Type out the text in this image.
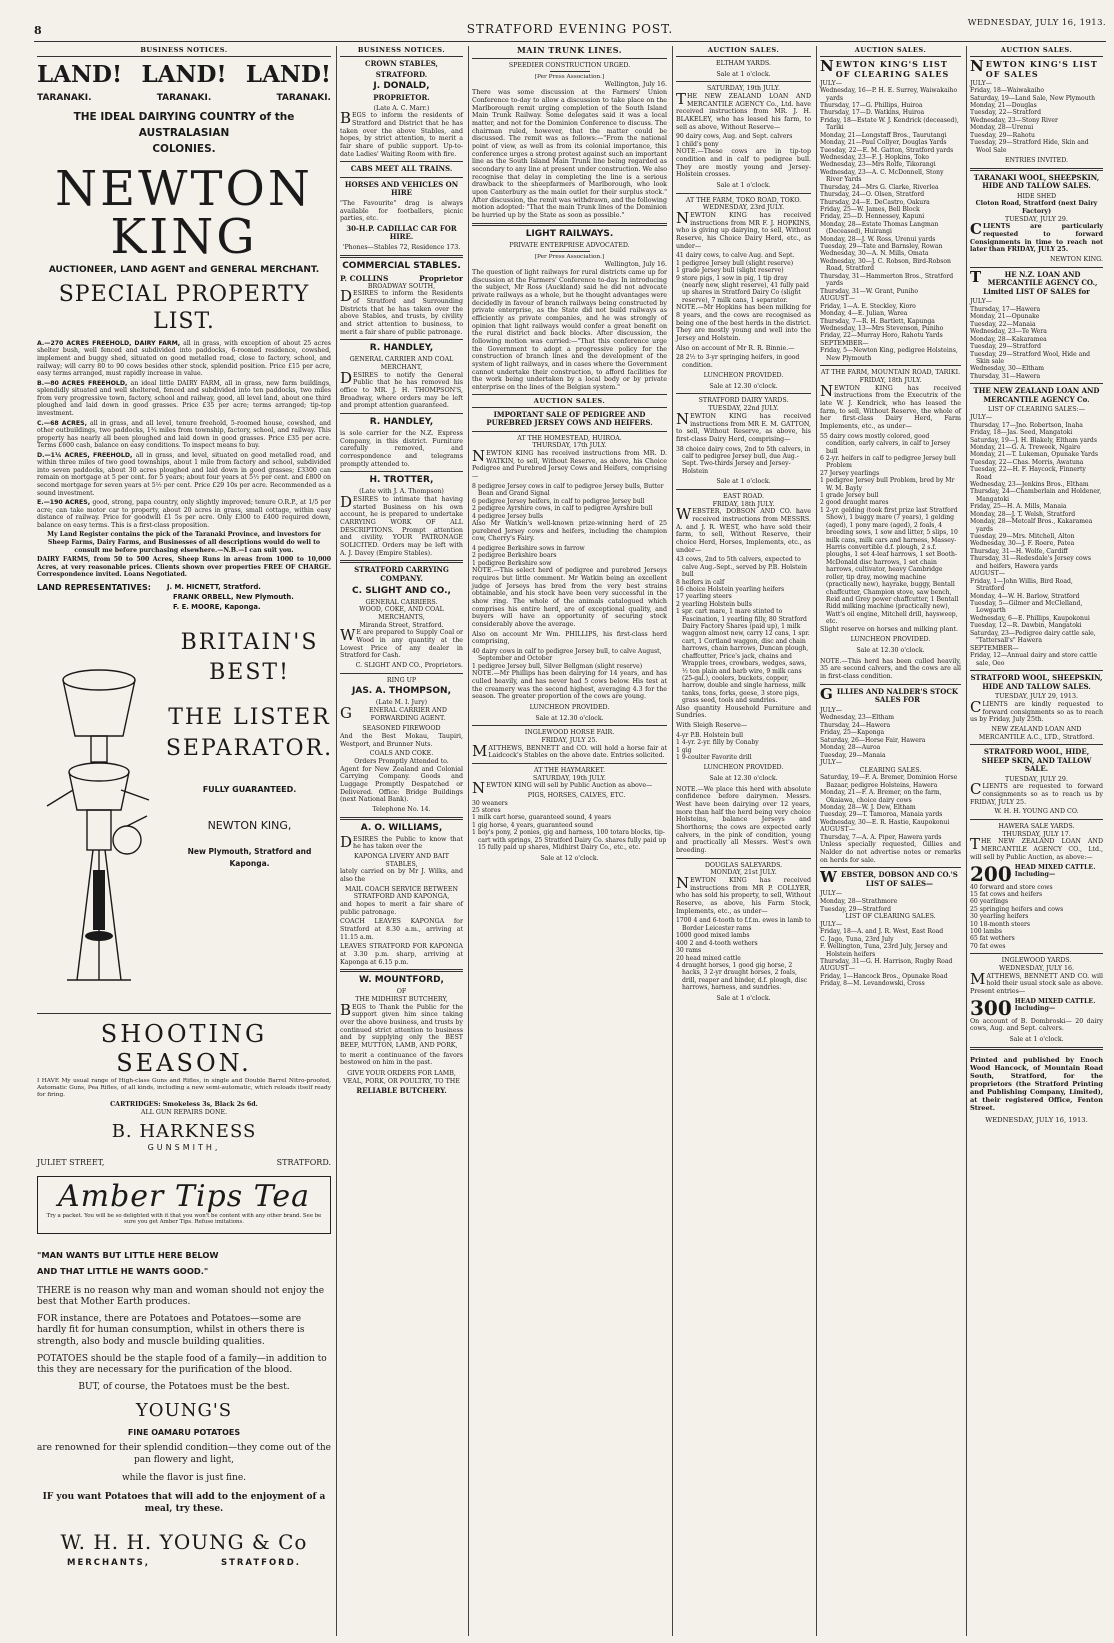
8	STRATFORD EVENING POST.	WEDNESDAY, JULY 16, 1913.
BUSINESS NOTICES.
LAND! LAND! LAND!
TARANAKI.	TARANAKI.	TARANAKI.
THE IDEAL DAIRYING COUNTRY of the AUSTRALASIAN
COLONIES.
NEWTON KING
AUCTIONEER, LAND AGENT and GENERAL MERCHANT.
SPECIAL PROPERTY LIST.
A.—270 ACRES FREEHOLD, DAIRY FARM, all in grass, with exception of about 25 acres shelter bush, well fenced and subdivided into paddocks, 6-roomed residence, cowshed, implement and buggy shed, situated on good metalled road, close to factory, school, and railway; will carry 80 to 90 cows besides other stock, splendid position. Price £15 per acre, easy terms arranged, must rapidly increase in value.
B.—80 ACRES FREEHOLD, an ideal little DAIRY FARM, all in grass, new farm buildings, splendidly situated and well sheltered, fenced and subdivided into ten paddocks, two miles from very progressive town, factory, school and railway, good, all level land, about one third ploughed and laid down in good grasses. Price £35 per acre; terms arranged; tip-top investment.
C.—68 ACRES, all in grass, and all level, tenure freehold, 5-roomed house, cowshed, and other outbuildings, two paddocks, 1¾ miles from township, factory, school, and railway. This property has nearly all been ploughed and laid down in good grasses. Price £35 per acre. Terms £600 cash, balance on easy conditions. To inspect means to buy.
D.—1¼ ACRES, FREEHOLD, all in grass, and level, situated on good metalled road, and within three miles of two good townships, about 1 mile from factory and school, subdivided into seven paddocks, about 30 acres ploughed and laid down in good grasses; £3300 can remain on mortgage at 5 per cent. for 5 years; about four years at 5½ per cent. and £800 on second mortgage for seven years at 5½ per cent. Price £29 10s per acre. Recommended as a sound investment.
E.—190 ACRES, good, strong, papa country, only slightly improved; tenure O.R.P., at 1/5 per acre; can take motor car to property, about 20 acres in grass, small cottage, within easy distance of railway. Price for goodwill £1 5s per acre. Only £300 to £400 required down, balance on easy terms. This is a first-class proposition.
My Land Register contains the pick of the Taranaki Province, and investors for Sheep Farms, Dairy Farms, and Businesses of all descriptions would do well to consult me before purchasing elsewhere.—N.B.—I can suit you.
DAIRY FARMS, from 50 to 500 Acres, Sheep Runs in areas from 1000 to 10,000 Acres, at very reasonable prices. Clients shown over properties FREE OF CHARGE. Correspondence invited. Loans Negotiated.
LAND REPRESENTATIVES:	J. M. HICNETT, Stratford.
FRANK ORBELL, New Plymouth.
F. E. MOORE, Kaponga.
BRITAIN'S
BEST!
THE LISTER
SEPARATOR.
FULLY GUARANTEED.
NEWTON KING,
New Plymouth, Stratford and
Kaponga.
SHOOTING SEASON.

I HAVE My usual range of High-class Guns and Rifles, in single and Double Barrel Nitro-proofed, Automatic Guns, Pea Rifles, of all kinds, including a new semi-automatic, which reloads itself ready for firing.

CARTRIDGES: Smokeless 3s, Black 2s 6d.
ALL GUN REPAIRS DONE.
B. HARKNESS
GUNSMITH,
JULIET STREET,	STRATFORD.
Amber Tips Tea
Try a packet. You will be so delighted with it that you won't be content with any other brand. See be sure you get Amber Tips. Refuse imitations.
"MAN WANTS BUT LITTLE HERE BELOW
AND THAT LITTLE HE WANTS GOOD."

THERE is no reason why man and woman should not enjoy the best that Mother Earth produces.

FOR instance, there are Potatoes and Potatoes—some are hardly fit for human consumption, whilst in others there is strength, also body and muscle building qualities.

POTATOES should be the staple food of a family—in addition to this they are necessary for the purification of the blood.

BUT, of course, the Potatoes must be the best.

YOUNG'S
FINE OAMARU POTATOES
are renowned for their splendid condition—they come out of the pan flowery and light,
while the flavor is just fine.
IF you want Potatoes that will add to the enjoyment of a meal, try these.
W. H. H. YOUNG & Co
MERCHANTS,	STRATFORD.
BUSINESS NOTICES.
CROWN STABLES,
STRATFORD.
J. DONALD,
PROPRIETOR.
(Late A. C. Marr.)

BEGS to inform the residents of Stratford and District that he has taken over the above Stables, and hopes, by strict attention, to merit a fair share of public support. Up-to-date Ladies' Waiting Room with fire.

CABS MEET ALL TRAINS.
HORSES AND VEHICLES ON HIRE

"The Favourite" drag is always available for footballers, picnic parties, etc.

30-H.P. CADILLAC CAR FOR HIRE.
'Phones—Stables 72, Residence 173.
COMMERCIAL STABLES.
P. COLLINS	Proprietor
BROADWAY SOUTH,

DESIRES to inform the Residents of Stratford and Surrounding Districts that he has taken over the above Stables, and trusts, by civility and strict attention to business, to merit a fair share of public patronage.

R. HANDLEY,
GENERAL CARRIER AND COAL MERCHANT,

DESIRES to notify the General Public that he has removed his office to MR. J. H. THOMPSON'S, Broadway, where orders may be left and prompt attention guaranteed.

R. HANDLEY,

is sole carrier for the N.Z. Express Company, in this district. Furniture carefully removed, and correspondence and telegrams promptly attended to.

H. TROTTER,
(Late with J. A. Thompson)

DESIRES to intimate that having started Business on his own account, he is prepared to undertake CARRYING WORK OF ALL DESCRIPTIONS. Prompt attention and civility. YOUR PATRONAGE SOLICITED. Orders may be left with A. J. Davey (Empire Stables).

STRATFORD CARRYING COMPANY.
C. SLIGHT AND CO.,
GENERAL CARRIERS.
WOOD, COKE, AND COAL MERCHANTS,
Miranda Street, Stratford.

WE are prepared to Supply Coal or Wood in any quantity at the Lowest Price of any dealer in Stratford for Cash.

C. SLIGHT AND CO., Proprietors.
RING UP
JAS. A. THOMPSON,
(Late M. I. Jury)

GENERAL CARRIER AND FORWARDING AGENT.

SEASONED FIREWOOD

And the Best Mokau, Taupiri, Westport, and Brunner Nuts.

COALS AND COKE.
Orders Promptly Attended to.

Agent for New Zealand and Colonial Carrying Company. Goods and Luggage Promptly Despatched or Delivered. Office: Bridge Buildings (next National Bank).

Telephone No. 14.
A. O. WILLIAMS,

DESIRES the Public to know that he has taken over the

KAPONGA LIVERY AND BAIT STABLES,

lately carried on by Mr J. Wilks, and also the

MAIL COACH SERVICE BETWEEN STRATFORD AND KAPONGA,

and hopes to merit a fair share of public patronage.

COACH LEAVES KAPONGA for Stratford at 8.30 a.m., arriving at 11.15 a.m.

LEAVES STRATFORD FOR KAPONGA at 3.30 p.m. sharp, arriving at Kaponga at 6.15 p.m.

W. MOUNTFORD,
OF
THE MIDHIRST BUTCHERY,

BEGS to Thank the Public for the support given him since taking over the above business, and trusts by continued strict attention to business and by supplying only the BEST BEEF, MUTTON, LAMB, AND PORK,

to merit a continuance of the favors bestowed on him in the past.

GIVE YOUR ORDERS FOR LAMB, VEAL, PORK, OR POULTRY, TO THE
RELIABLE BUTCHERY.
MAIN TRUNK LINES.
SPEEDIER CONSTRUCTION URGED.
[Per Press Association.]
Wellington, July 16.

There was some discussion at the Farmers' Union Conference to-day to allow a discussion to take place on the Marlborough remit urging completion of the South Island Main Trunk Railway. Some delegates said it was a local matter, and not for the Dominion Conference to discuss. The chairman ruled, however, that the matter could be discussed. The remit was as follows:—"From the national point of view, as well as from its colonial importance, this conference urges a strong protest against such an important line as the South Island Main Trunk line being regarded as secondary to any line at present under construction. We also recognise that delay in completing the line is a serious drawback to the sheepfarmers of Marlborough, who look upon Canterbury as the main outlet for their surplus stock." After discussion, the remit was withdrawn, and the following motion adopted: "That the main Trunk lines of the Dominion be hurried up by the State as soon as possible."

LIGHT RAILWAYS.
PRIVATE ENTERPRISE ADVOCATED.
[Per Press Association.]
Wellington, July 16.

The question of light railways for rural districts came up for discussion at the Farmers' Conference to-day. In introducing the subject, Mr Ross (Auckland) said he did not advocate private railways as a whole, but he thought advantages were decidedly in favour of branch railways being constructed by private enterprise, as the State did not build railways as efficiently as private companies, and he was strongly of opinion that light railways would confer a great benefit on the rural district and back blocks. After discussion, the following motion was carried:—"That this conference urge the Government to adopt a progressive policy for the construction of branch lines and the development of the system of light railways, and in cases where the Government cannot undertake their construction, to afford facilities for the work being undertaken by a local body or by private enterprise on the lines of the Belgian system."

AUCTION SALES.
IMPORTANT SALE OF PEDIGREE AND PUREBRED JERSEY COWS AND HEIFERS.
AT THE HOMESTEAD, HUIROA.
THURSDAY, 17th JULY.

NEWTON KING has received instructions from MR. D. WATKIN, to sell, Without Reserve, as above, his Choice Pedigree and Purebred Jersey Cows and Heifers, comprising—

8 pedigree Jersey cows in calf to pedigree Jersey bulls, Butter Bean and Grand Signal
6 pedigree Jersey heifers, in calf to pedigree Jersey bull
2 pedigree Ayrshire cows, in calf to pedigree Ayrshire bull
4 pedigree Jersey bulls

Also Mr Watkin's well-known prize-winning herd of 25 purebred Jersey cows and heifers, including the champion cow, Cherry's Fairy.

4 pedigree Berkshire sows in farrow
2 pedigree Berkshire boars
1 pedigree Berkshire sow

NOTE.—This select herd of pedigree and purebred Jerseys requires but little comment. Mr Watkin being an excellent judge of Jerseys has bred from the very best strains obtainable, and his stock have been very successful in the show ring. The whole of the animals catalogued which comprises his entire herd, are of exceptional quality, and buyers will have an opportunity of securing stock considerably above the average.

Also on account Mr Wm. PHILLIPS, his first-class herd comprising,

40 dairy cows in calf to pedigree Jersey bull, to calve August, September and October
1 pedigree Jersey bull, Silver Bellgman (slight reserve)

NOTE.—Mr Phillips has been dairying for 14 years, and has culled heavily, and has never had 5 cows below. His test at the creamery was the second highest, averaging 4.3 for the season. The greater proportion of the cows are young.

LUNCHEON PROVIDED.
Sale at 12.30 o'clock.
INGLEWOOD HORSE FAIR.
FRIDAY, JULY 25.

MATTHEWS, BENNETT and CO. will hold a horse fair at Laidcock's Stables on the above date. Entries solicited.

AT THE HAYMARKET.
SATURDAY, 19th JULY.

NEWTON KING will sell by Public Auction as above—

PIGS, HORSES, CALVES, ETC.
30 weaners
25 stores
1 milk cart horse, guaranteed sound, 4 years
1 gig horse, 4 years, guaranteed sound
1 boy's pony, 2 ponies, gig and harness, 100 totara blocks, tip-cart with springs, 25 Stratford Dairy Co. shares fully paid up 15 fully paid up shares, Midhirst Dairy Co., etc., etc.
Sale at 12 o'clock.
AUCTION SALES.
ELTHAM YARDS.
Sale at 1 o'clock.
SATURDAY, 19th JULY.

THE NEW ZEALAND LOAN AND MERCANTILE AGENCY Co., Ltd. have received instructions from MR. J. H. BLAKELEY, who has leased his farm, to sell as above, Without Reserve—

90 dairy cows, Aug. and Sept. calvers
1 child's pony

NOTE.—These cows are in tip-top condition and in calf to pedigree bull. They are mostly young and Jersey-Holstein crosses.

Sale at 1 o'clock.
AT THE FARM, TOKO ROAD, TOKO.
WEDNESDAY, 23rd JULY.

NEWTON KING has received instructions from MR F. J. HOPKINS, who is giving up dairying, to sell, Without Reserve, his Choice Dairy Herd, etc., as under—

41 dairy cows, to calve Aug. and Sept.
1 pedigree Jersey bull (slight reserve)
1 grade Jersey bull (slight reserve)
9 store pigs, 1 sow in pig, 1 tip dray (nearly new, slight reserve), 41 fully paid up shares in Stratford Dairy Co (slight reserve), 7 milk cans, 1 separator.

NOTE.—Mr Hopkins has been milking for 8 years, and the cows are recognised as being one of the best herds in the district. They are mostly young and well into the Jersey and Holstein.

Also on account of Mr R. R. Binnie.—

28 2½ to 3-yr springing heifers, in good condition.
LUNCHEON PROVIDED.
Sale at 12.30 o'clock.
STRATFORD DAIRY YARDS.
TUESDAY, 22nd JULY.

NEWTON KING has received instructions from MR E. M. GATTON, to sell, Without Reserve, as above, his first-class Dairy Herd, comprising—

38 choice dairy cows, 2nd to 5th calvers, in calf to pedigree Jersey bull, due Aug.-Sept. Two-thirds Jersey and Jersey-Holstein
Sale at 1 o'clock.
EAST ROAD.
FRIDAY, 18th JULY.

WEBSTER, DOBSON AND CO. have received instructions from MESSRS. A. and J. R. WEST, who have sold their farm, to sell, Without Reserve, their choice Herd, Horses, Implements, etc., as under—

43 cows, 2nd to 5th calvers, expected to calve Aug.-Sept., served by P.B. Holstein bull
8 heifers in calf
16 choice Holstein yearling heifers
17 yearling steers
2 yearling Holstein bulls
1 spr. cart mare, 1 mare stinted to Fascination, 1 yearling filly, 80 Stratford Dairy Factory Shares (paid up), 1 milk waggon almost new, carry 12 cans, 1 spr. cart, 1 Cortland waggon, disc and chain harrows, chain harrows, Duncan plough, chaffcutter, Price's jack, chains and Wrapple trees, crowbars, wedges, saws, ½ ton plain and barb wire, 9 milk cans (25-gal.), coolers, buckets, copper, harrow, double and single harness, milk tanks, tons, forks, geese, 3 store pigs, grass seed, tools and sundries.

Also quantity Household Furniture and Sundries.

With Sleigh Reserve—

4-yr P.B. Holstein bull
1 4-yr. 2-yr. filly by Conaby
1 gig
1 9-coulter Favorite drill
LUNCHEON PROVIDED.
Sale at 12.30 o'clock.

NOTE.—We place this herd with absolute confidence before dairymen. Messrs. West have been dairying over 12 years, more than half the herd being very choice Holsteins, balance Jerseys and Shorthorns; the cows are expected early calvers, in the pink of condition, young and practically all Messrs. West's own breeding.

DOUGLAS SALEYARDS.
MONDAY, 21st JULY.

NEWTON KING has received instructions from MR P. COLLYER, who has sold his property, to sell, Without Reserve, as above, his Farm Stock, Implements, etc., as under—

1700 4 and 6-tooth to f.f.m. ewes in lamb to Border Leicester rams
1000 good mixed lambs
400 2 and 4-tooth wethers
30 rams
20 head mixed cattle
4 draught horses, 1 good gig horse, 2 hacks, 3 2-yr draught horses, 2 foals, drill, reaper and binder, d.f. plough, disc harrows, harness, and sundries.
Sale at 1 o'clock.
AUCTION SALES.
NEWTON KING'S LIST OF CLEARING SALES
JULY—
Wednesday, 16—P. H. E. Surrey, Waiwakaiho yards
Thursday, 17—G. Phillips, Huiroa
Thursday, 17—D. Watkins, Huiroa
Friday, 18—Estate W. J. Kendrick (deceased), Tariki
Monday, 21—Longstaff Bros., Taurutangi
Monday, 21—Paul Collyer, Douglas Yards
Tuesday, 22—E. M. Gatton, Stratford yards
Wednesday, 23—F. J. Hopkins, Toko
Wednesday, 23—Mrs Rolfe, Tikorangi
Wednesday, 23—A. C. McDonnell, Stony River Yards
Thursday, 24—Mrs G. Clarke, Riverlea
Thursday, 24—O. Olsen, Stratford
Thursday, 24—E. DeCastro, Oakura
Friday, 25—W. James, Bell Block
Friday, 25—D. Hennessey, Kapuni
Monday, 28—Estate Thomas Langman (Deceased), Huirangi
Monday, 28—J. W. Ross, Urenui yards
Tuesday, 29—Tate and Barnsley, Rowan
Wednesday, 30—A. N. Mills, Omata
Wednesday, 30—J. C. Robson, Bird-Robson Road, Stratford
Thursday, 31—Hammerton Bros., Stratford yards
Thursday, 31—W. Grant, Puniho
AUGUST—
Friday, 1—A. E. Steckley, Kioro
Monday, 4—E. Julian, Warea
Thursday, 7—R. H. Bartlett, Kapunga
Wednesday, 13—Mrs Stevenson, Puniho
Friday, 22—Murray Horo, Rahotu Yards
SEPTEMBER—
Friday, 5—Newton King, pedigree Holsteins, New Plymouth
AT THE FARM, MOUNTAIN ROAD, TARIKI.
FRIDAY, 18th JULY.

NEWTON KING has received instructions from the Executrix of the late W. J. Kendrick, who has leased the farm, to sell, Without Reserve, the whole of her first-class Dairy Herd, Farm Implements, etc., as under—

55 dairy cows mostly colored, good condition, early calvers, in calf to Jersey bull
6 2-yr. heifers in calf to pedigree Jersey bull Problem
27 Jersey yearlings
1 pedigree Jersey bull Problem, bred by Mr W. M. Bayly
1 grade Jersey bull
2 good draught mares
1 2-yr. gelding (took first prize last Stratford Show), 1 buggy mare (7 years), 1 gelding (aged), 1 pony mare (aged), 2 foals, 4 breeding sows, 1 sow and litter, 5 slips, 10 milk cans, milk cars and harness, Massey-Harris convertible d.f. plough, 2 s.f. ploughs, 1 set 4-leaf harrows, 1 set Booth-McDonald disc harrows, 1 set chain harrows, cultivator, heavy Cambridge roller, tip dray, mowing machine (practically new), hayrake, buggy, Bentall chaffcutter, Champion stove, saw bench, Reid and Grey power chaffcutter, 1 Bentall Ridd milking machine (practically new), Watt's oil engine, Mitchell drill, haysweep, etc.

Slight reserve on horses and milking plant.

LUNCHEON PROVIDED.
Sale at 12.30 o'clock.

NOTE.—This herd has been culled heavily, 35 are second calvers, and the cows are all in first-class condition.

GILLIES AND NALDER'S STOCK SALES FOR
JULY—
Wednesday, 23—Eltham
Thursday, 24—Hawera
Friday, 25—Kaponga
Saturday, 26—Horse Fair, Hawera
Monday, 28—Auroa
Tuesday, 29—Manaia
JULY—
CLEARING SALES.
Saturday, 19—F. A. Bremer, Dominion Horse Bazaar, pedigree Holsteins, Hawera
Monday, 21—F. A. Bremer, on the farm, Okaiawa, choice dairy cows
Monday, 28—W. J. Dew, Eltham
Tuesday, 29—T. Tamoroa, Manaia yards
Wednesday, 30—E. R. Hastie, Kaupokonui
AUGUST—
Thursday, 7—A. A. Piper, Hawera yards

Unless specially requested, Gillies and Nalder do not advertise notes or remarks on herds for sale.

WEBSTER, DOBSON AND CO.'S LIST OF SALES—
JULY—
Monday, 28—Strathmore
Tuesday, 29—Stratford
LIST OF CLEARING SALES.
JULY—
Friday, 18—A. and J. R. West, East Road
C. Jago, Tuna, 23rd July
F. Wellington, Tuna, 23rd July, Jersey and Holstein heifers
Thursday, 31—G. H. Harrison, Rugby Road
AUGUST—
Friday, 1—Hancock Bros., Opunake Road
Friday, 8—M. Levandowski, Cross
AUCTION SALES.
NEWTON KING'S LIST OF SALES
JULY—
Friday, 18—Waiwakaiho
Saturday, 19—Land Sale, New Plymouth
Monday, 21—Douglas
Tuesday, 22—Stratford
Wednesday, 23—Stony River
Monday, 28—Urenui
Tuesday, 29—Rahotu
Tuesday, 29—Stratford Hide, Skin and Wool Sale
ENTRIES INVITED.
TARANAKI WOOL, SHEEPSKIN, HIDE AND TALLOW SALES.
HIDE SHED
Cloton Road, Stratford (next Dairy Factory)
TUESDAY, JULY 29.

CLIENTS are particularly requested to forward Consignments in time to reach not later than FRIDAY, JULY 25.

NEWTON KING.
THE N.Z. LOAN AND MERCANTILE AGENCY CO., Limited LIST OF SALES for
JULY—
Thursday, 17—Hawera
Monday, 21—Opunake
Tuesday, 22—Manaia
Wednesday, 23—Te Wera
Monday, 28—Kakaramea
Tuesday, 29—Stratford
Tuesday, 29—Stratford Wool, Hide and Skin sale
Wednesday, 30—Eltham
Thursday, 31—Hawera
THE NEW ZEALAND LOAN AND MERCANTILE AGENCY Co.
LIST OF CLEARING SALES:—
JULY—
Thursday, 17—Jno. Robertson, Inaha
Friday, 18—Jas. Seed, Mangatoki
Saturday, 19—J. H. Blakely, Eltham yards
Monday, 21—G. A. Treweek, Ngaire
Monday, 21—T. Lukeman, Opunake Yards
Tuesday, 22—Chas. Morris, Awatuna
Tuesday, 22—H. F. Haycock, Finnerty Road
Wednesday, 23—Jenkins Bros., Eltham
Thursday, 24—Chamberlain and Holdener, Mangatoki
Friday, 25—H. A. Mills, Manaia
Monday, 28—J. T. Welsh, Stratford
Monday, 28—Metcalf Bros., Kakaramea yards
Tuesday, 29—Mrs. Mitchell, Alton
Wednesday, 30—J. F. Roere, Patea
Thursday, 31—H. Wolfe, Cardiff
Thursday, 31—Redesdale's Jersey cows and heifers, Hawera yards
AUGUST—
Friday, 1—John Willis, Bird Road, Stratford
Monday, 4—W. H. Barlow, Stratford
Tuesday, 5—Gilmer and McClelland, Lowgarth
Wednesday, 6—E. Phillips, Kaupokonui
Tuesday, 12—R. Dawbin, Mangatoki
Saturday, 23—Pedigree dairy cattle sale, "Tattersall's" Hawera
SEPTEMBER—
Friday, 12—Annual dairy and store cattle sale, Oeo
STRATFORD WOOL, SHEEPSKIN, HIDE AND TALLOW SALES.
TUESDAY, JULY 29, 1913.

CLIENTS are kindly requested to forward consignments so as to reach us by Friday, July 25th.

NEW ZEALAND LOAN AND MERCANTILE A.C., LTD., Stratford.
STRATFORD WOOL, HIDE, SHEEP SKIN, AND TALLOW SALE.
TUESDAY, JULY 29.

CLIENTS are requested to forward consignments so as to reach us by FRIDAY, JULY 25.

W. H. H. YOUNG AND CO.
HAWERA SALE YARDS.
THURSDAY, JULY 17.

THE NEW ZEALAND LOAN AND MERCANTILE AGENCY CO., Ltd., will sell by Public Auction, as above:—

200 HEAD MIXED CATTLE. Including—
40 forward and store cows
15 fat cows and heifers
60 yearlings
25 springing heifers and cows
30 yearling heifers
10 18-month steers
100 lambs
65 fat wethers
70 fat ewes
INGLEWOOD YARDS.
WEDNESDAY, JULY 16.

MATTHEWS, BENNETT AND CO. will hold their usual stock sale as above. Present entries—

300 HEAD MIXED CATTLE. Including—

On account of B. Dombroski— 20 dairy cows, Aug. and Sept. calvers.

Sale at 1 o'clock.
Printed and published by Enoch Wood Hancock, of Mountain Road South, Stratford, for the proprietors (the Stratford Printing and Publishing Company, Limited), at their registered Office, Fenton Street.
WEDNESDAY, JULY 16, 1913.
